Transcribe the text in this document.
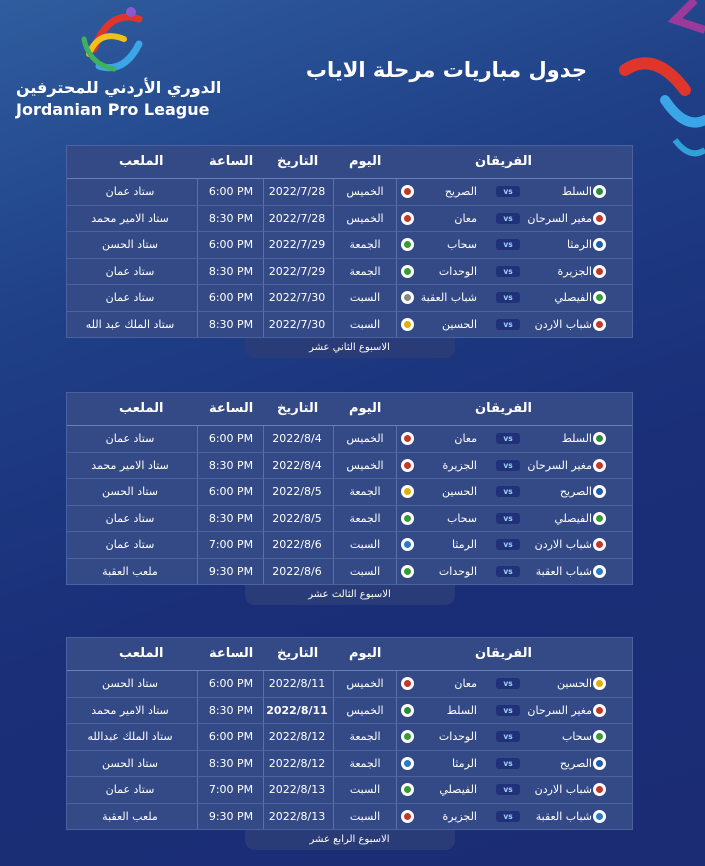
الدوري الأردني للمحترفين
Jordanian Pro League
جدول مباريات مرحلة الاياب
الفريقان
اليوم
التاريخ
الساعة
الملعب
السلط
vs
الصريح
الخميس
2022/7/28
6:00 PM
ستاد عمان
مغير السرحان
vs
معان
الخميس
2022/7/28
8:30 PM
ستاد الامير محمد
الرمثا
vs
سحاب
الجمعة
2022/7/29
6:00 PM
ستاد الحسن
الجزيرة
vs
الوحدات
الجمعة
2022/7/29
8:30 PM
ستاد عمان
الفيصلي
vs
شباب العقبة
السبت
2022/7/30
6:00 PM
ستاد عمان
شباب الاردن
vs
الحسين
السبت
2022/7/30
8:30 PM
ستاد الملك عبد الله
الاسبوع الثاني عشر
الفريقان
اليوم
التاريخ
الساعة
الملعب
السلط
vs
معان
الخميس
2022/8/4
6:00 PM
ستاد عمان
مغير السرحان
vs
الجزيرة
الخميس
2022/8/4
8:30 PM
ستاد الامير محمد
الصريح
vs
الحسين
الجمعة
2022/8/5
6:00 PM
ستاد الحسن
الفيصلي
vs
سحاب
الجمعة
2022/8/5
8:30 PM
ستاد عمان
شباب الاردن
vs
الرمثا
السبت
2022/8/6
7:00 PM
ستاد عمان
شباب العقبة
vs
الوحدات
السبت
2022/8/6
9:30 PM
ملعب العقبة
الاسبوع الثالث عشر
الفريقان
اليوم
التاريخ
الساعة
الملعب
الحسين
vs
معان
الخميس
2022/8/11
6:00 PM
ستاد الحسن
مغير السرحان
vs
السلط
الخميس
2022/8/11
8:30 PM
ستاد الامير محمد
سحاب
vs
الوحدات
الجمعة
2022/8/12
6:00 PM
ستاد الملك عبدالله
الصريح
vs
الرمثا
الجمعة
2022/8/12
8:30 PM
ستاد الحسن
شباب الاردن
vs
الفيصلي
السبت
2022/8/13
7:00 PM
ستاد عمان
شباب العقبة
vs
الجزيرة
السبت
2022/8/13
9:30 PM
ملعب العقبة
الاسبوع الرابع عشر
